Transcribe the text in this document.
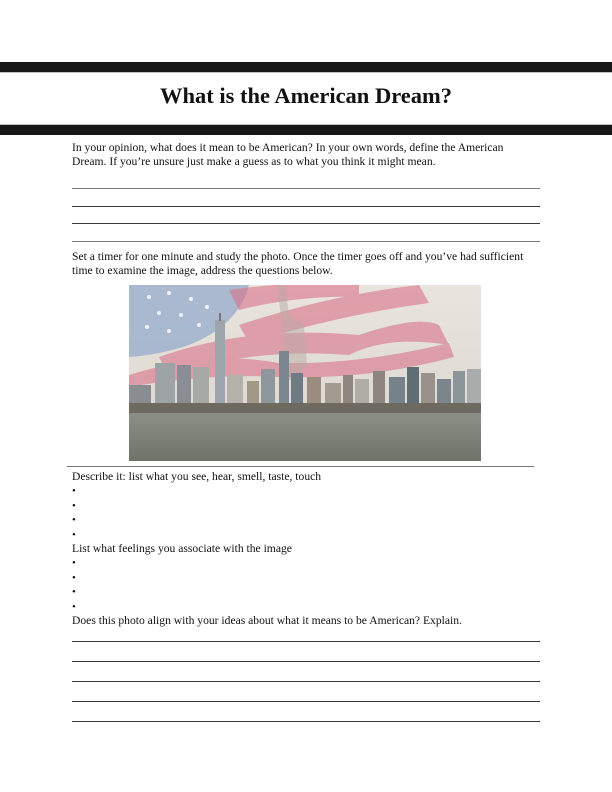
What is the American Dream?
In your opinion, what does it mean to be American? In your own words, define the American
Dream. If you’re unsure just make a guess as to what you think it might mean.
Set a timer for one minute and study the photo. Once the timer goes off and you’ve had sufficient
time to examine the image, address the questions below.
Describe it: list what you see, hear, smell, taste, touch
•
•
•
•
List what feelings you associate with the image
•
•
•
•
Does this photo align with your ideas about what it means to be American? Explain.
